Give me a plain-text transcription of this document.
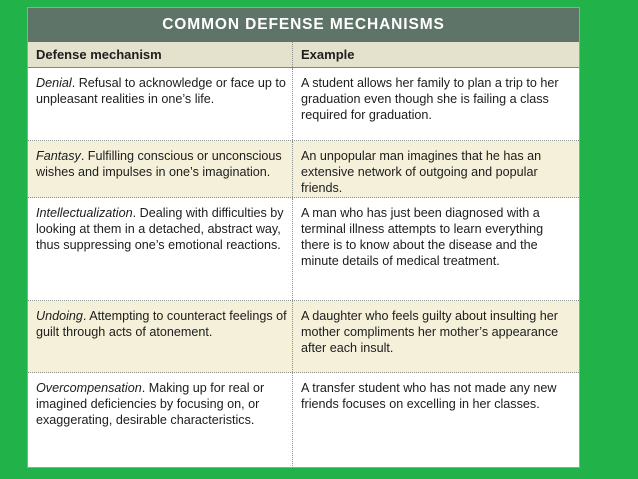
COMMON DEFENSE MECHANISMS
Defense mechanism	Example
Denial. Refusal to acknowledge or face up to unpleasant realities in one’s life.
A student allows her family to plan a trip to her graduation even though she is failing a class required for graduation.
Fantasy. Fulfilling conscious or unconscious wishes and impulses in one’s imagination.
An unpopular man imagines that he has an extensive network of outgoing and popular friends.
Intellectualization. Dealing with difficulties by looking at them in a detached, abstract way, thus suppressing one’s emotional reactions.
A man who has just been diagnosed with a terminal illness attempts to learn everything there is to know about the disease and the minute details of medical treatment.
Undoing. Attempting to counteract feelings of guilt through acts of atonement.
A daughter who feels guilty about insulting her mother compliments her mother’s appearance after each insult.
Overcompensation. Making up for real or imagined deficiencies by focusing on, or exaggerating, desirable characteristics.
A transfer student who has not made any new friends focuses on excelling in her classes.
